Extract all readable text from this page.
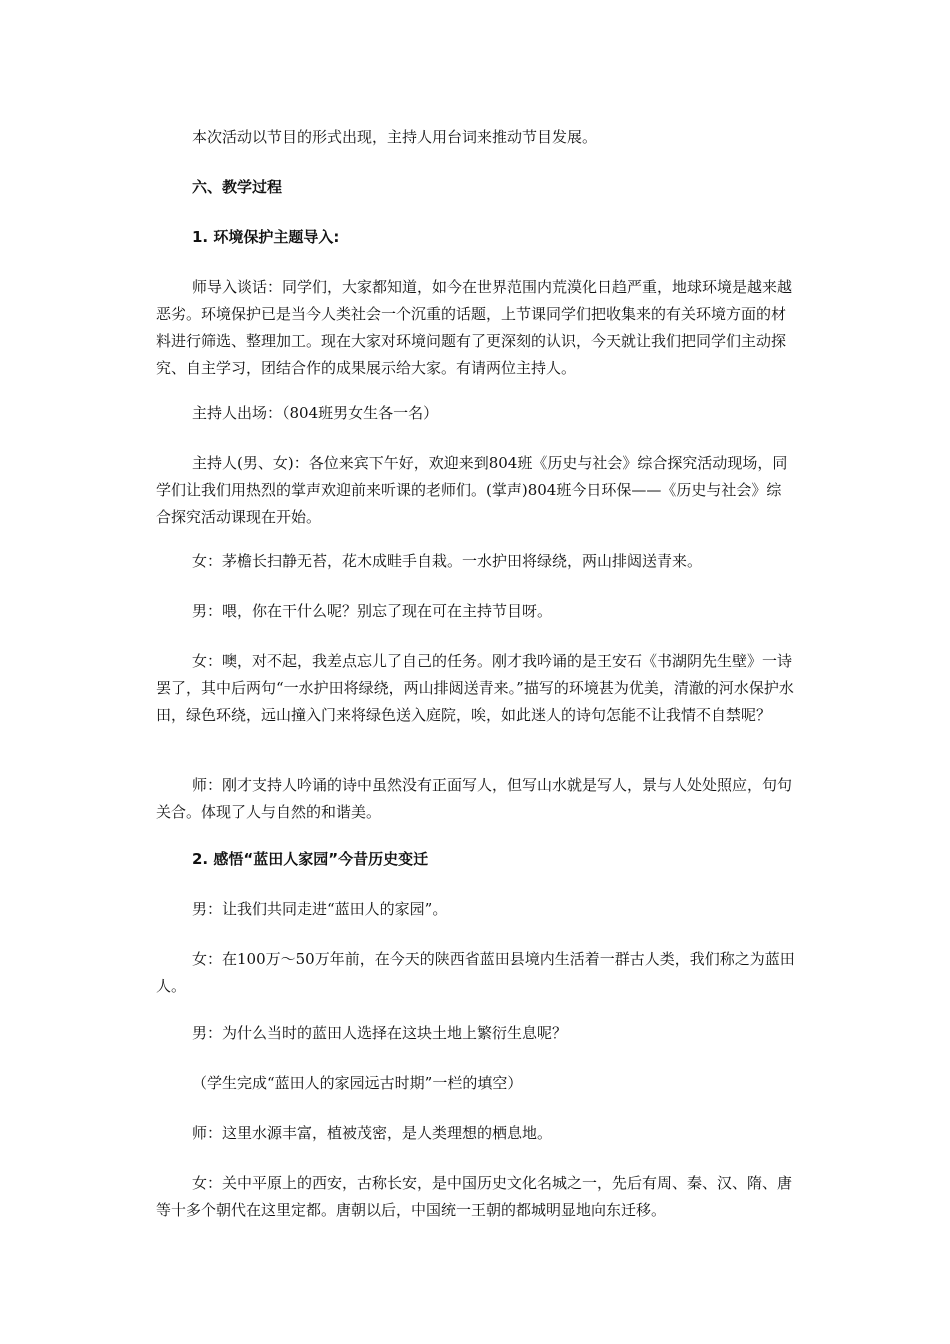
本次活动以节目的形式出现，主持人用台词来推动节目发展。

六、教学过程

1. 环境保护主题导入:

师导入谈话：同学们，大家都知道，如今在世界范围内荒漠化日趋严重，地球环境是越来越恶劣。环境保护已是当今人类社会一个沉重的话题，上节课同学们把收集来的有关环境方面的材料进行筛选、整理加工。现在大家对环境问题有了更深刻的认识，今天就让我们把同学们主动探究、自主学习，团结合作的成果展示给大家。有请两位主持人。

主持人出场：（804班男女生各一名）

主持人(男、女)：各位来宾下午好，欢迎来到804班《历史与社会》综合探究活动现场，同学们让我们用热烈的掌声欢迎前来听课的老师们。(掌声)804班今日环保——《历史与社会》综合探究活动课现在开始。

女：茅檐长扫静无苔，花木成畦手自栽。一水护田将绿绕，两山排闼送青来。

男：喂，你在干什么呢？别忘了现在可在主持节目呀。

女：噢，对不起，我差点忘儿了自己的任务。刚才我吟诵的是王安石《书湖阴先生壁》一诗罢了，其中后两句“一水护田将绿绕，两山排闼送青来。”描写的环境甚为优美，清澈的河水保护水田，绿色环绕，远山撞入门来将绿色送入庭院，唉，如此迷人的诗句怎能不让我情不自禁呢？

师：刚才支持人吟诵的诗中虽然没有正面写人，但写山水就是写人，景与人处处照应，句句关合。体现了人与自然的和谐美。

2. 感悟“蓝田人家园”今昔历史变迁

男：让我们共同走进“蓝田人的家园”。

女：在100万～50万年前，在今天的陕西省蓝田县境内生活着一群古人类，我们称之为蓝田人。

男：为什么当时的蓝田人选择在这块土地上繁衍生息呢？

（学生完成“蓝田人的家园远古时期”一栏的填空）

师：这里水源丰富，植被茂密，是人类理想的栖息地。

女：关中平原上的西安，古称长安，是中国历史文化名城之一，先后有周、秦、汉、隋、唐等十多个朝代在这里定都。唐朝以后，中国统一王朝的都城明显地向东迁移。
